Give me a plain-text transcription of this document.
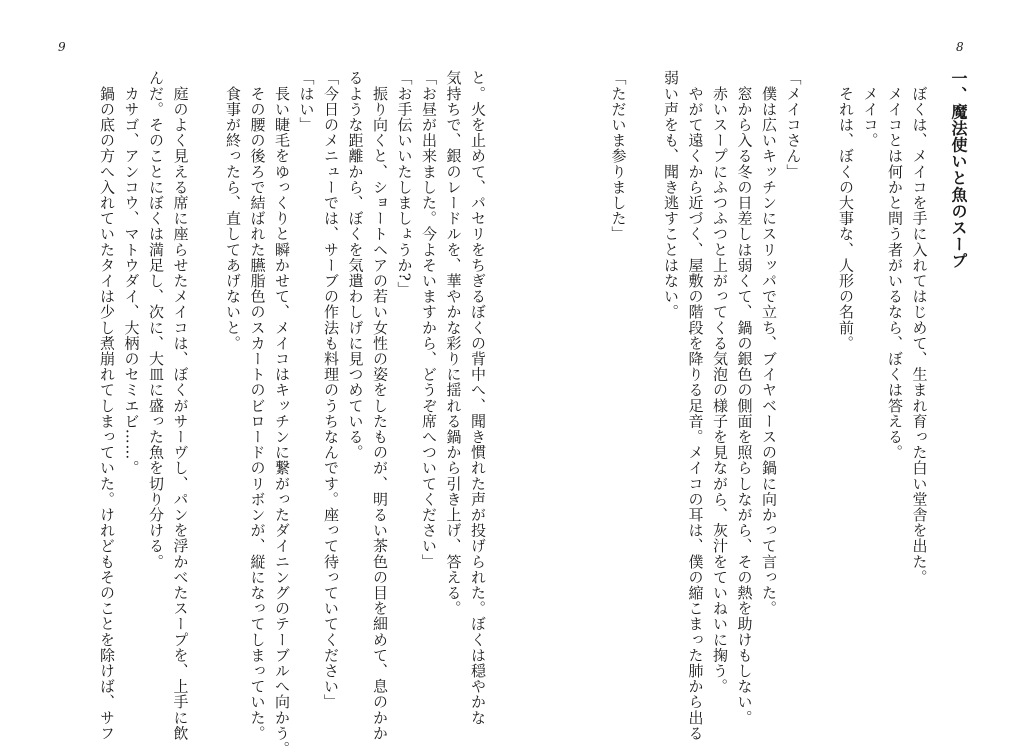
8
9
一、魔法使いと魚のスープ
　ぼくは、メイコを手に入れてはじめて、生まれ育った白い堂舎を出た。
　メイコとは何かと問う者がいるなら、ぼくは答える。
　メイコ。
　それは、ぼくの大事な、人形の名前。
「メイコさん」
　僕は広いキッチンにスリッパで立ち、ブイヤベースの鍋に向かって言った。
　窓から入る冬の日差しは弱くて、鍋の銀色の側面を照らしながら、その熱を助けもしない。
　赤いスープにふつふつと上がってくる気泡の様子を見ながら、灰汁をていねいに掬う。
　やがて遠くから近づく、屋敷の階段を降りる足音。メイコの耳は、僕の縮こまった肺から出る
弱い声をも、聞き逃すことはない。
「ただいま参りました」
と。火を止めて、パセリをちぎるぼくの背中へ、聞き慣れた声が投げられた。ぼくは穏やかな
気持ちで、銀のレードルを、華やかな彩りに揺れる鍋から引き上げ、答える。
「お昼が出来ました。今よそいますから、どうぞ席へついてください」
「お手伝いいたしましょうか?」
　振り向くと、ショートヘアの若い女性の姿をしたものが、明るい茶色の目を細めて、息のかか
るような距離から、ぼくを気遣わしげに見つめている。
「今日のメニューでは、サーブの作法も料理のうちなんです。座って待っていてください」
「はい」
　長い睫毛をゆっくりと瞬かせて、メイコはキッチンに繋がったダイニングのテーブルへ向かう。
　その腰の後ろで結ばれた臙脂色のスカートのビロードのリボンが、縦になってしまっていた。
　食事が終ったら、直してあげないと。
　庭のよく見える席に座らせたメイコは、ぼくがサーヴし、パンを浮かべたスープを、上手に飲
んだ。そのことにぼくは満足し、次に、大皿に盛った魚を切り分ける。
　カサゴ、アンコウ、マトウダイ、大柄のセミエビ……。
　鍋の底の方へ入れていたタイは少し煮崩れてしまっていた。けれどもそのことを除けば、サフ
